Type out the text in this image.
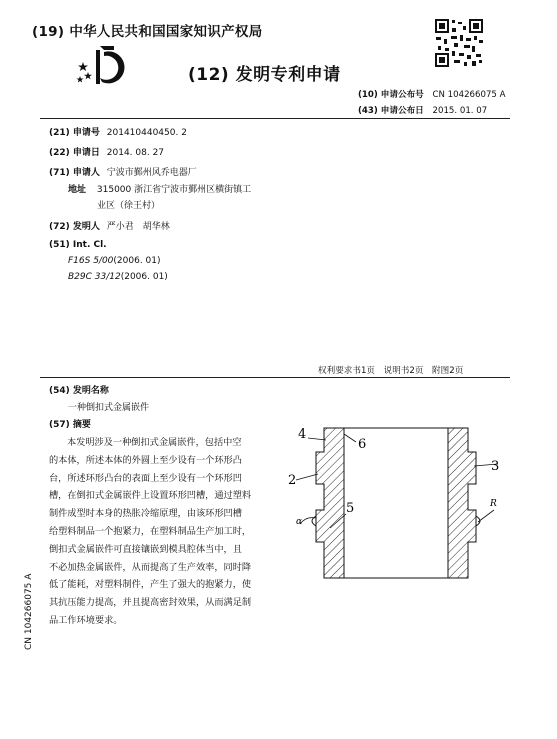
(19) 中华人民共和国国家知识产权局
(12) 发明专利申请
(10) 申请公布号 CN 104266075 A
(43) 申请公布日 2015. 01. 07
(21) 申请号 201410440450. 2
(22) 申请日 2014. 08. 27
(71) 申请人 宁波市鄞州风乔电器厂
地址 315000 浙江省宁波市鄞州区横街镇工
业区（徐王村）
(72) 发明人 严小君　胡华林
(51) Int. Cl.
F16S 5/00(2006. 01)
B29C 33/12(2006. 01)
权利要求书1页　说明书2页　附图2页
(54) 发明名称
一种倒扣式金属嵌件
(57) 摘要
本发明涉及一种倒扣式金属嵌件，包括中空
的本体，所述本体的外圆上至少设有一个环形凸
台，所述环形凸台的表面上至少设有一个环形凹
槽，在倒扣式金属嵌件上设置环形凹槽，通过塑料
制件成型时本身的热胀冷缩原理，由该环形凹槽
给塑料制品一个抱紧力，在塑料制品生产加工时，
倒扣式金属嵌件可直接镶嵌到模具腔体当中，且
不必加热金属嵌件，从而提高了生产效率，同时降
低了能耗，对塑料制件，产生了强大的抱紧力，使
其抗压能力提高，并且提高密封效果，从而满足制
品工作环境要求。
4
6
2
3
5	R
α
CN 104266075 A
